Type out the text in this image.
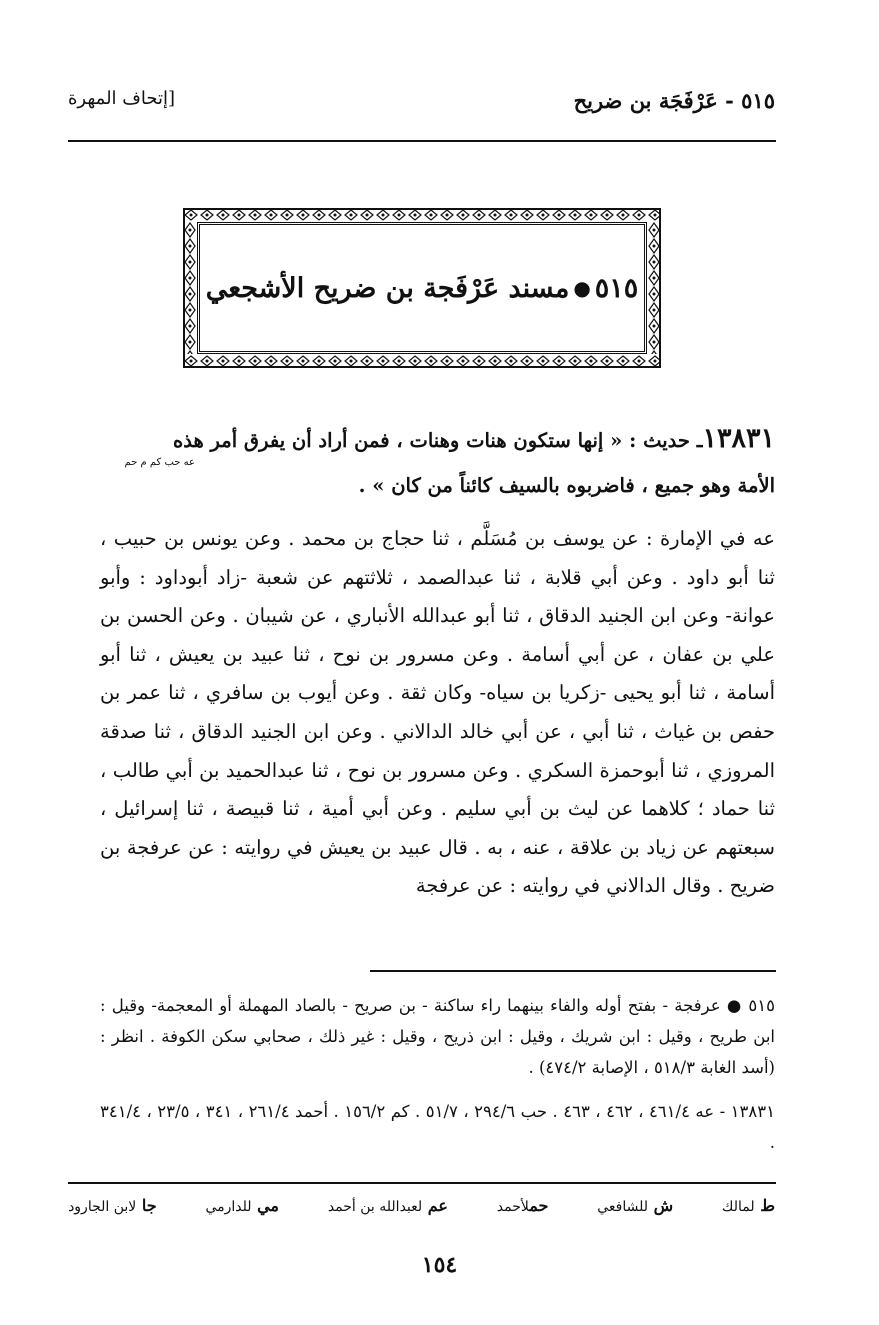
٥١٥ - عَرْفَجَة بن ضريح
[إتحاف المهرة
٥١٥
●
مسند عَرْفَجة بن ضريح الأشجعي
١٣٨٣١ـ حديث : « إنها ستكون هنات وهنات ، فمن أراد أن يفرق أمر هذه
عه حب كم م حم
الأمة وهو جميع ، فاضربوه بالسيف كائناً من كان » .
عه في الإمارة : عن يوسف بن مُسَلَّم ، ثنا حجاج بن محمد . وعن يونس بن حبيب ، ثنا أبو داود . وعن أبي قلابة ، ثنا عبدالصمد ، ثلاثتهم عن شعبة -زاد أبوداود : وأبو عوانة- وعن ابن الجنيد الدقاق ، ثنا أبو عبدالله الأنباري ، عن شيبان . وعن الحسن بن علي بن عفان ، عن أبي أسامة . وعن مسرور بن نوح ، ثنا عبيد بن يعيش ، ثنا أبو أسامة ، ثنا أبو يحيى -زكريا بن سياه- وكان ثقة . وعن أيوب بن سافري ، ثنا عمر بن حفص بن غياث ، ثنا أبي ، عن أبي خالد الدالاني . وعن ابن الجنيد الدقاق ، ثنا صدقة المروزي ، ثنا أبوحمزة السكري . وعن مسرور بن نوح ، ثنا عبدالحميد بن أبي طالب ، ثنا حماد ؛ كلاهما عن ليث بن أبي سليم . وعن أبي أمية ، ثنا قبيصة ، ثنا إسرائيل ، سبعتهم عن زياد بن علاقة ، عنه ، به . قال عبيد بن يعيش في روايته : عن عرفجة بن ضريح . وقال الدالاني في روايته : عن عرفجة
٥١٥ ● عرفجة - بفتح أوله والفاء بينهما راء ساكنة - بن صريح - بالصاد المهملة أو المعجمة- وقيل : ابن طريح ، وقيل : ابن شريك ، وقيل : ابن ذريح ، وقيل : غير ذلك ، صحابي سكن الكوفة . انظر : (أسد الغابة ٥١٨/٣ ، الإصابة ٤٧٤/٢) .
١٣٨٣١ - عه ٤٦١/٤ ، ٤٦٢ ، ٤٦٣ . حب ٢٩٤/٦ ، ٥١/٧ . كم ١٥٦/٢ . أحمد ٢٦١/٤ ، ٣٤١ ، ٢٣/٥ ، ٣٤١/٤ .
ط لمالك
ش للشافعي
حملأحمد
عم لعبدالله بن أحمد
مي للدارمي
جا لابن الجارود
١٥٤
